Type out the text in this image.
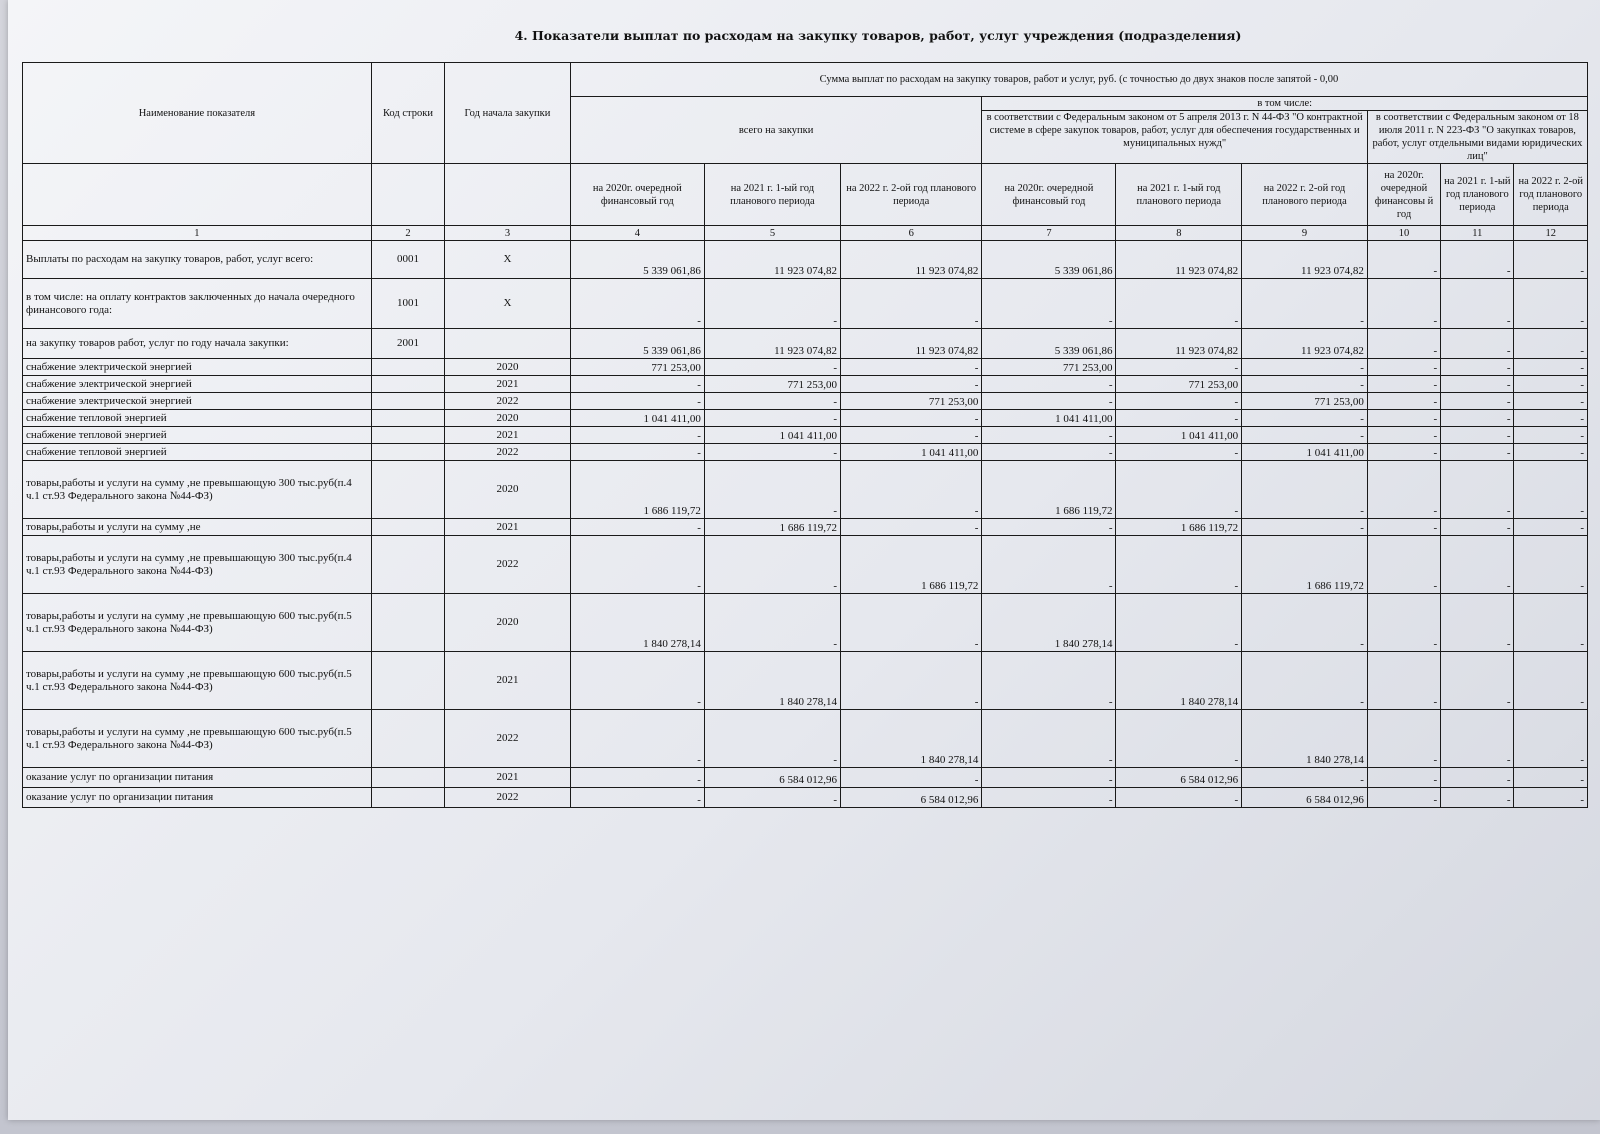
4. Показатели выплат по расходам на закупку товаров, работ, услуг учреждения (подразделения)
Наименование показателя	Код строки	Год начала закупки	Сумма выплат по расходам на закупку товаров, работ и услуг, руб. (с точностью до двух знаков после запятой - 0,00								
			всего на закупки			в том числе:					
						в соответствии с Федеральным законом от 5 апреля 2013 г. N 44-ФЗ "О контрактной системе в сфере закупок товаров, работ, услуг для обеспечения государственных и муниципальных нужд"			в соответствии с Федеральным законом от 18 июля 2011 г. N 223-ФЗ "О закупках товаров, работ, услуг отдельными видами юридических лиц"		
			на 2020г. очередной финансовый год	на 2021 г. 1-ый год планового периода	на 2022 г. 2-ой год планового периода	на 2020г. очередной финансовый год	на 2021 г. 1-ый год планового периода	на 2022 г. 2-ой год планового периода	на 2020г. очередной финансовы й год	на 2021 г. 1-ый год планового периода	на 2022 г. 2-ой год планового периода
1	2	3	4	5	6	7	8	9	10	11	12
Выплаты по расходам на закупку товаров, работ, услуг всего:	0001	X	5 339 061,86	11 923 074,82	11 923 074,82	5 339 061,86	11 923 074,82	11 923 074,82	-	-	-
в том числе: на оплату контрактов заключенных до начала очередного финансового года:	1001	X	-	-	-	-	-	-	-	-	-
на закупку товаров работ, услуг по году начала закупки:	2001		5 339 061,86	11 923 074,82	11 923 074,82	5 339 061,86	11 923 074,82	11 923 074,82	-	-	-
снабжение электрической энергией		2020	771 253,00	-	-	771 253,00	-	-	-	-	-
снабжение электрической энергией		2021	-	771 253,00	-	-	771 253,00	-	-	-	-
снабжение электрической энергией		2022	-	-	771 253,00	-	-	771 253,00	-	-	-
снабжение тепловой энергией		2020	1 041 411,00	-	-	1 041 411,00	-	-	-	-	-
снабжение тепловой энергией		2021	-	1 041 411,00	-	-	1 041 411,00	-	-	-	-
снабжение тепловой энергией		2022	-	-	1 041 411,00	-	-	1 041 411,00	-	-	-
товары,работы и услуги на сумму ,не превышающую 300 тыс.руб(п.4 ч.1 ст.93 Федерального закона №44-ФЗ)		2020	1 686 119,72	-	-	1 686 119,72	-	-	-	-	-
товары,работы и услуги на сумму ,не		2021	-	1 686 119,72	-	-	1 686 119,72	-	-	-	-
товары,работы и услуги на сумму ,не превышающую 300 тыс.руб(п.4 ч.1 ст.93 Федерального закона №44-ФЗ)		2022	-	-	1 686 119,72	-	-	1 686 119,72	-	-	-
товары,работы и услуги на сумму ,не превышающую 600 тыс.руб(п.5 ч.1 ст.93 Федерального закона №44-ФЗ)		2020	1 840 278,14	-	-	1 840 278,14	-	-	-	-	-
товары,работы и услуги на сумму ,не превышающую 600 тыс.руб(п.5 ч.1 ст.93 Федерального закона №44-ФЗ)		2021	-	1 840 278,14	-	-	1 840 278,14	-	-	-	-
товары,работы и услуги на сумму ,не превышающую 600 тыс.руб(п.5 ч.1 ст.93 Федерального закона №44-ФЗ)		2022	-	-	1 840 278,14	-	-	1 840 278,14	-	-	-
оказание услуг по организации питания		2021	-	6 584 012,96	-	-	6 584 012,96	-	-	-	-
оказание услуг по организации питания		2022	-	-	6 584 012,96	-	-	6 584 012,96	-	-	-
